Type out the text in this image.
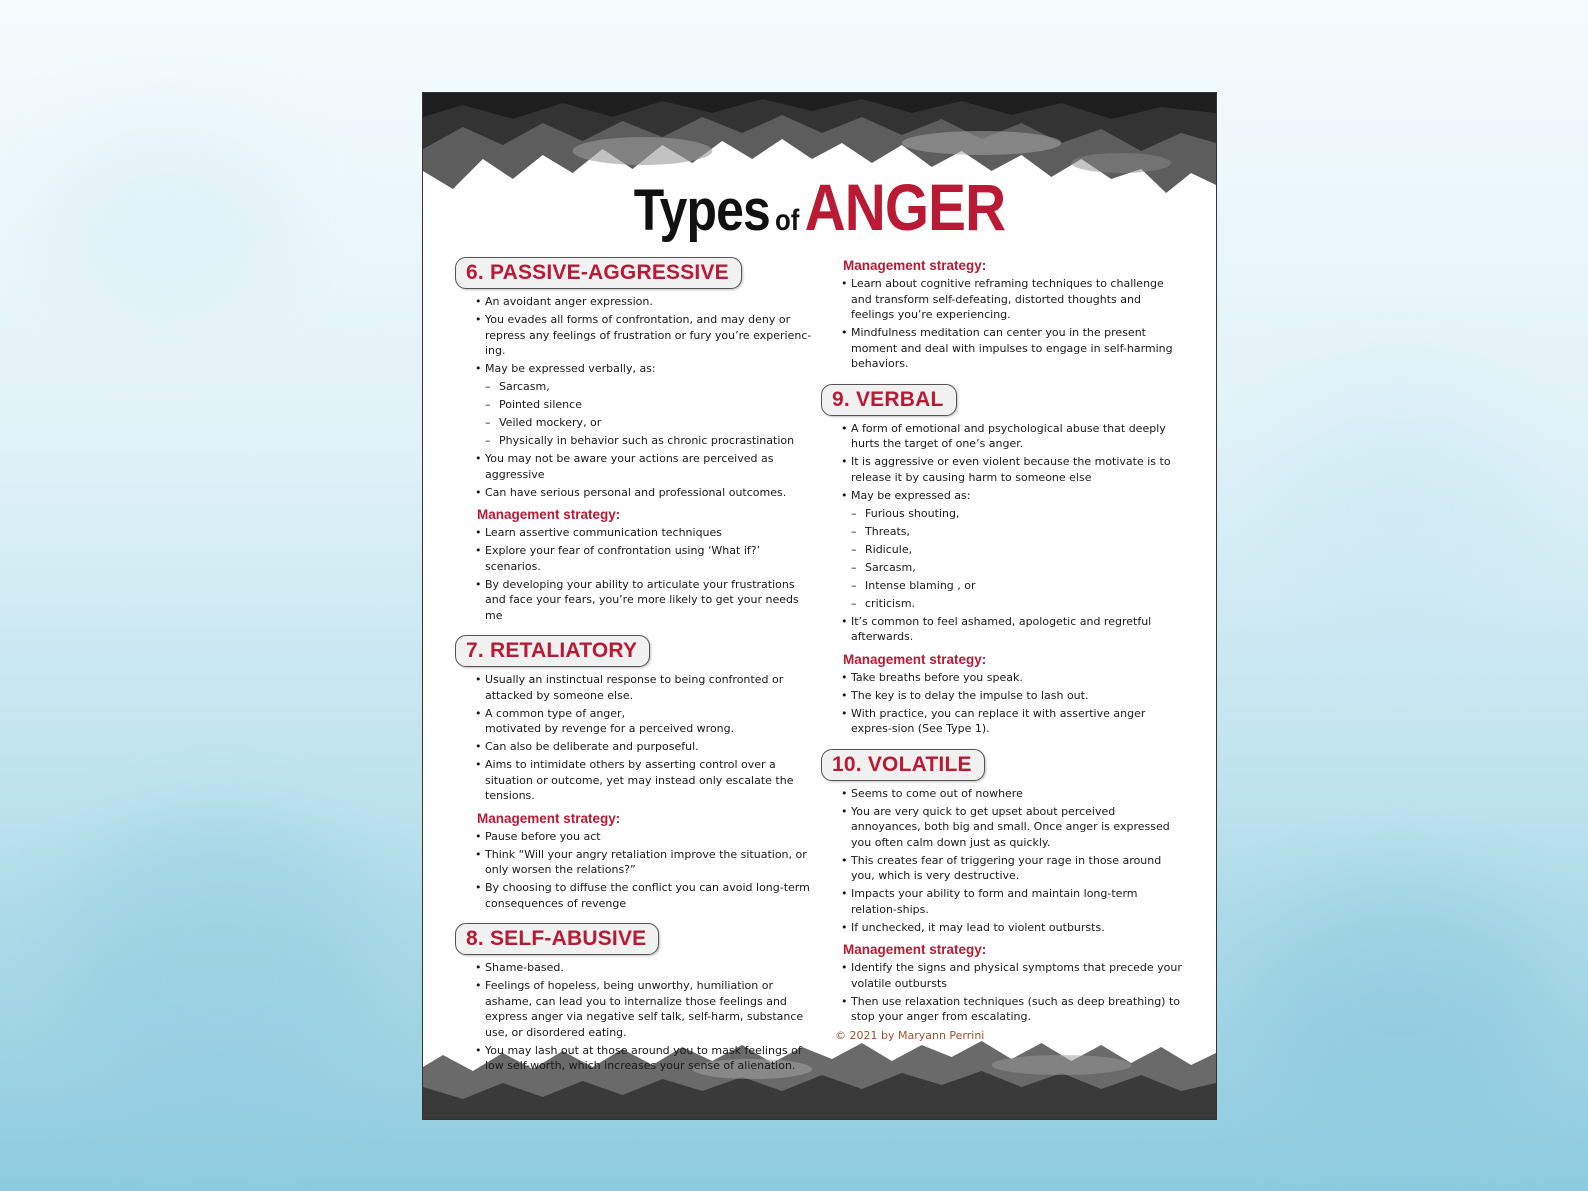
Types ofANGER
6. PASSIVE-AGGRESSIVE
• An avoidant anger expression.
• You evades all forms of confrontation, and may deny or repress any feelings of frustration or fury you’re experienc-ing.
• May be expressed verbally, as:
– Sarcasm,
– Pointed silence
– Veiled mockery, or
– Physically in behavior such as chronic procrastination
• You may not be aware your actions are perceived as aggressive
• Can have serious personal and professional outcomes.
Management strategy:
• Learn assertive communication techniques
• Explore your fear of confrontation using ‘What if?’ scenarios.
• By developing your ability to articulate your frustrations and face your fears, you’re more likely to get your needs me
7. RETALIATORY
• Usually an instinctual response to being confronted or attacked by someone else.
• A common type of anger,
motivated by revenge for a perceived wrong.
• Can also be deliberate and purposeful.
• Aims to intimidate others by asserting control over a situation or outcome, yet may instead only escalate the tensions.
Management strategy:
• Pause before you act
• Think “Will your angry retaliation improve the situation, or only worsen the relations?”
• By choosing to diffuse the conflict you can avoid long-term consequences of revenge
8. SELF-ABUSIVE
• Shame-based.
• Feelings of hopeless, being unworthy, humiliation or ashame, can lead you to internalize those feelings and express anger via negative self talk, self-harm, substance use, or disordered eating.
• You may lash out at those around you to mask feelings of low self-worth, which increases your sense of alienation.
Management strategy:
• Learn about cognitive reframing techniques to challenge and transform self-defeating, distorted thoughts and feelings you’re experiencing.
• Mindfulness meditation can center you in the present moment and deal with impulses to engage in self-harming behaviors.
9. VERBAL
• A form of emotional and psychological abuse that deeply hurts the target of one’s anger.
• It is aggressive or even violent because the motivate is to release it by causing harm to someone else
• May be expressed as:
– Furious shouting,
– Threats,
– Ridicule,
– Sarcasm,
– Intense blaming , or
– criticism.
• It’s common to feel ashamed, apologetic and regretful afterwards.
Management strategy:
• Take breaths before you speak.
• The key is to delay the impulse to lash out.
• With practice, you can replace it with assertive anger expres-sion (See Type 1).
10. VOLATILE
• Seems to come out of nowhere
• You are very quick to get upset about perceived annoyances, both big and small. Once anger is expressed you often calm down just as quickly.
• This creates fear of triggering your rage in those around you, which is very destructive.
• Impacts your ability to form and maintain long-term relation-ships.
• If unchecked, it may lead to violent outbursts.
Management strategy:
• Identify the signs and physical symptoms that precede your volatile outbursts
• Then use relaxation techniques (such as deep breathing) to stop your anger from escalating.
© 2021 by Maryann Perrini
